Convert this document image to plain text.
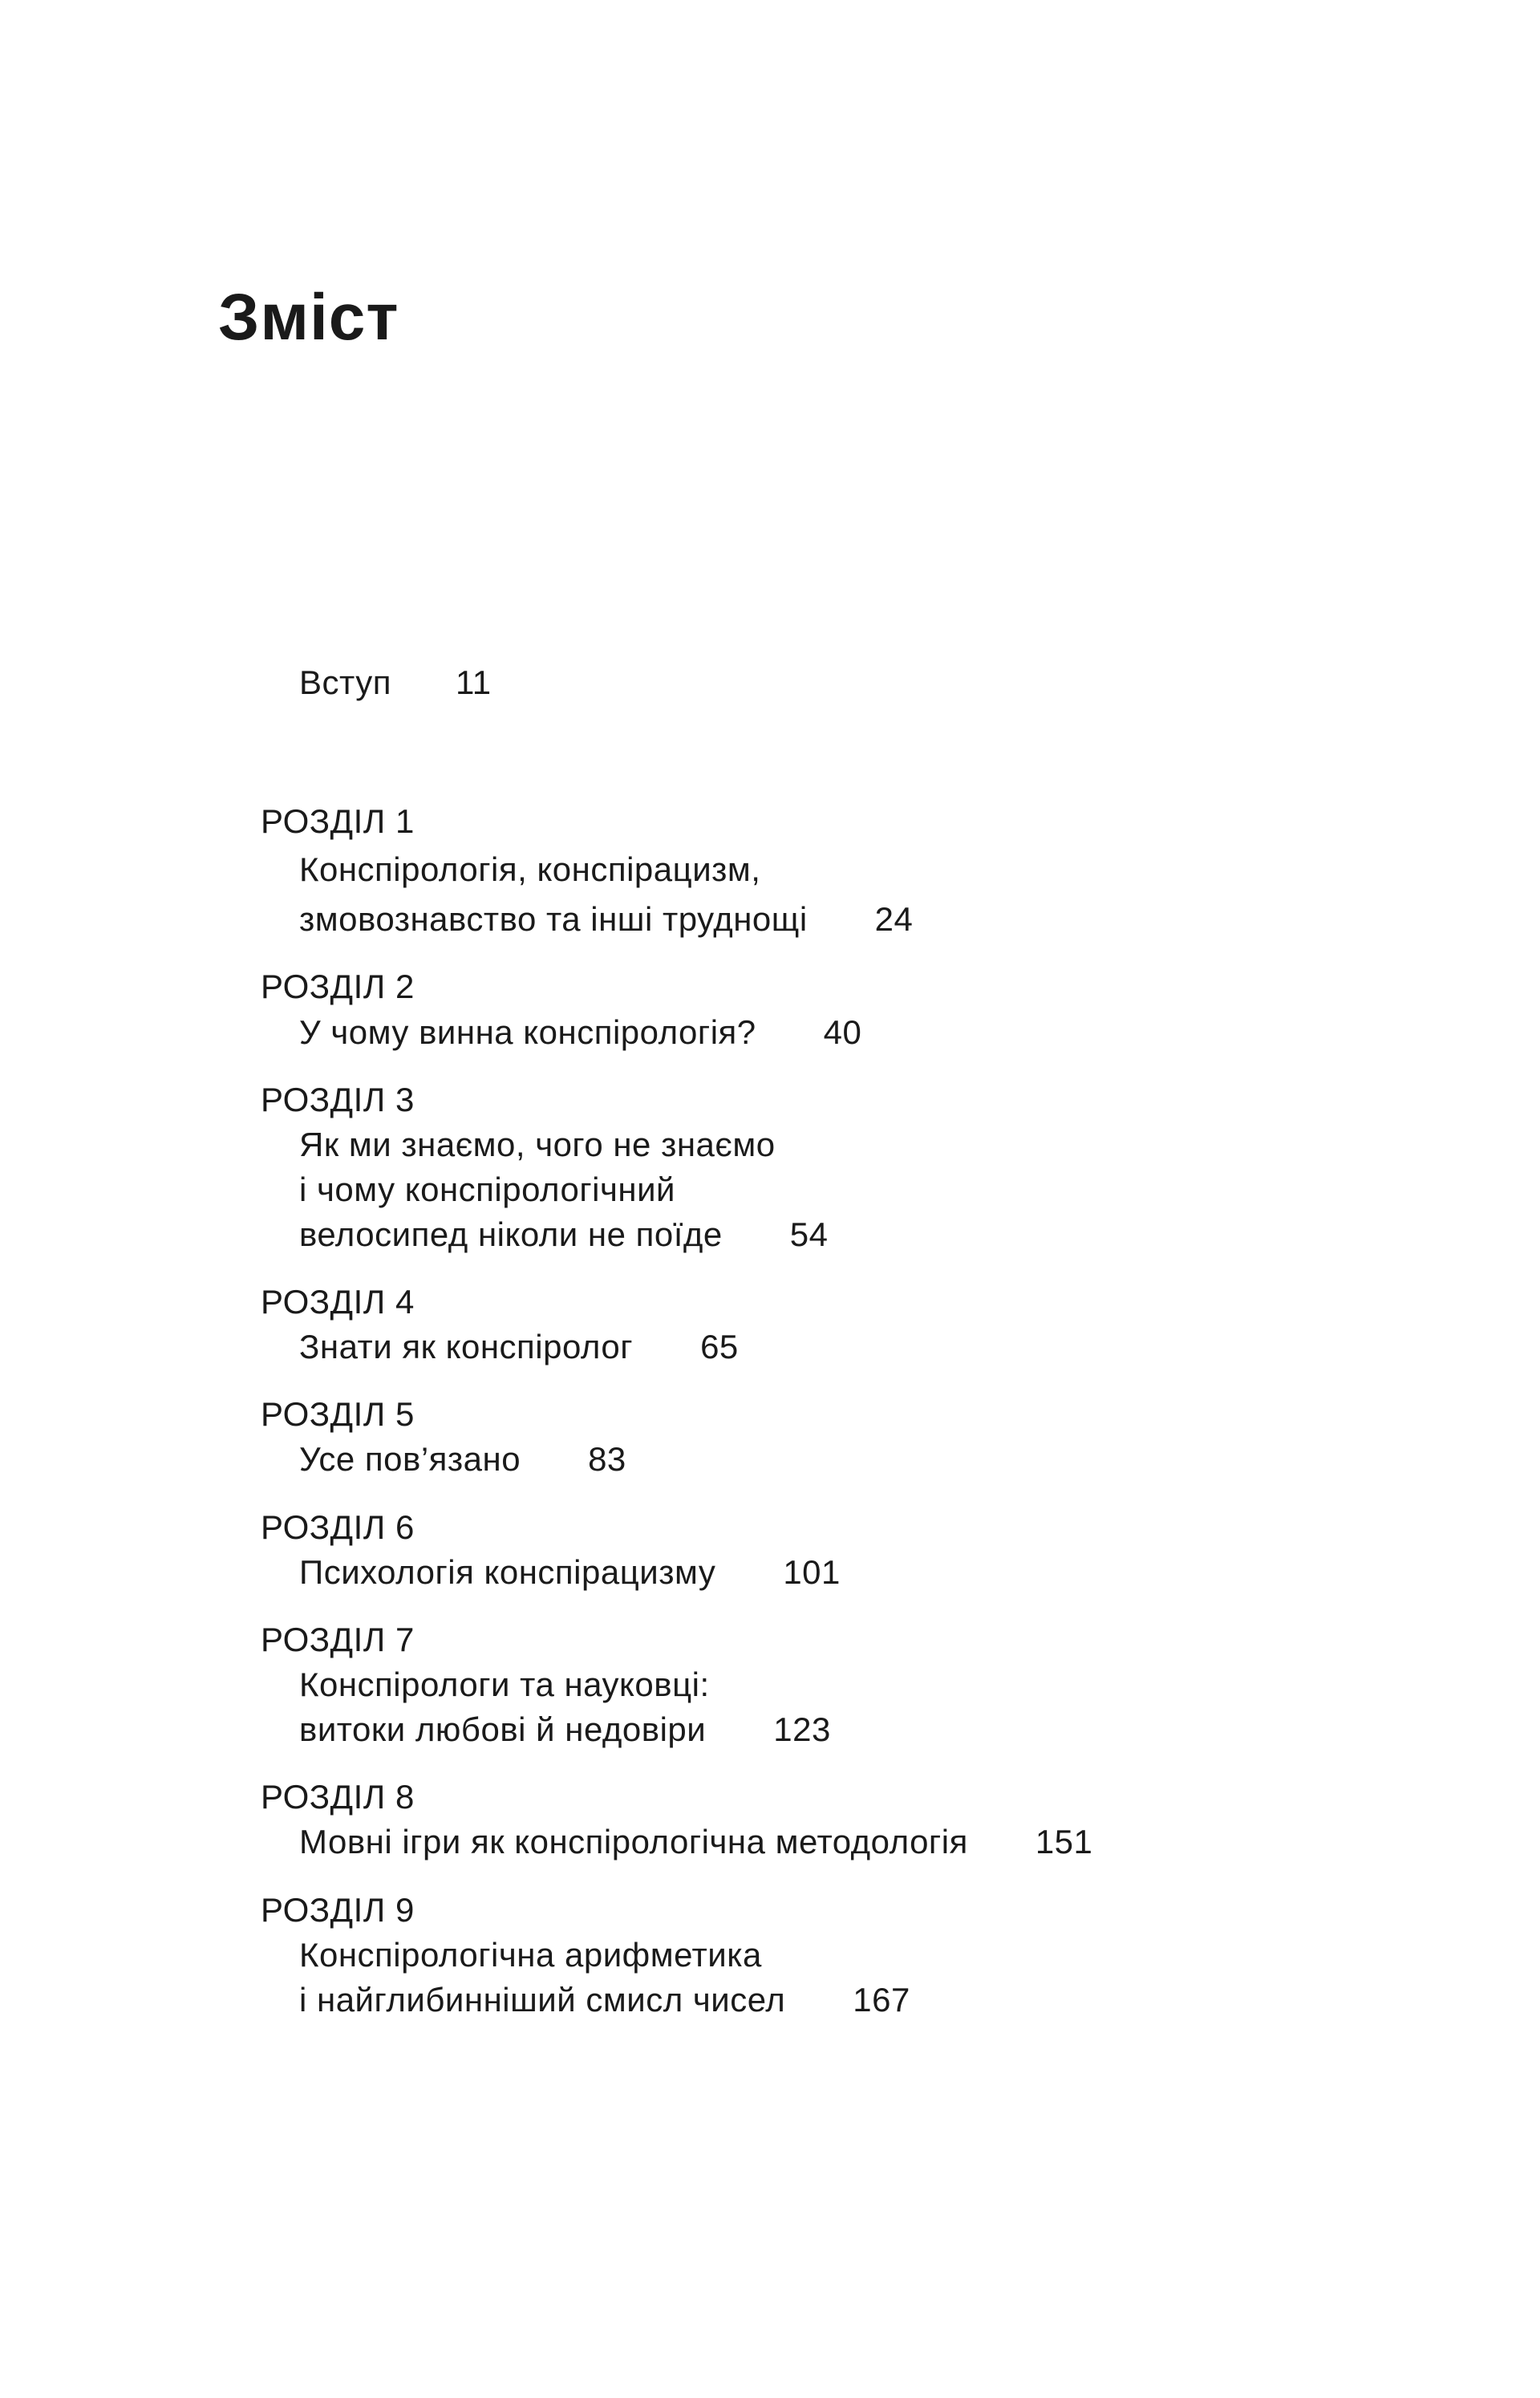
Зміст
Вступ 11
РОЗДІЛ 1
Конспірологія, конспірацизм,
змовознавство та інші труднощі 24
РОЗДІЛ 2
У чому винна конспірологія? 40
РОЗДІЛ 3
Як ми знаємо, чого не знаємо
і чому конспірологічний
велосипед ніколи не поїде 54
РОЗДІЛ 4
Знати як конспіролог 65
РОЗДІЛ 5
Усе пов’язано 83
РОЗДІЛ 6
Психологія конспірацизму 101
РОЗДІЛ 7
Конспірологи та науковці:
витоки любові й недовіри 123
РОЗДІЛ 8
Мовні ігри як конспірологічна методологія 151
РОЗДІЛ 9
Конспірологічна арифметика
і найглибинніший смисл чисел 167
